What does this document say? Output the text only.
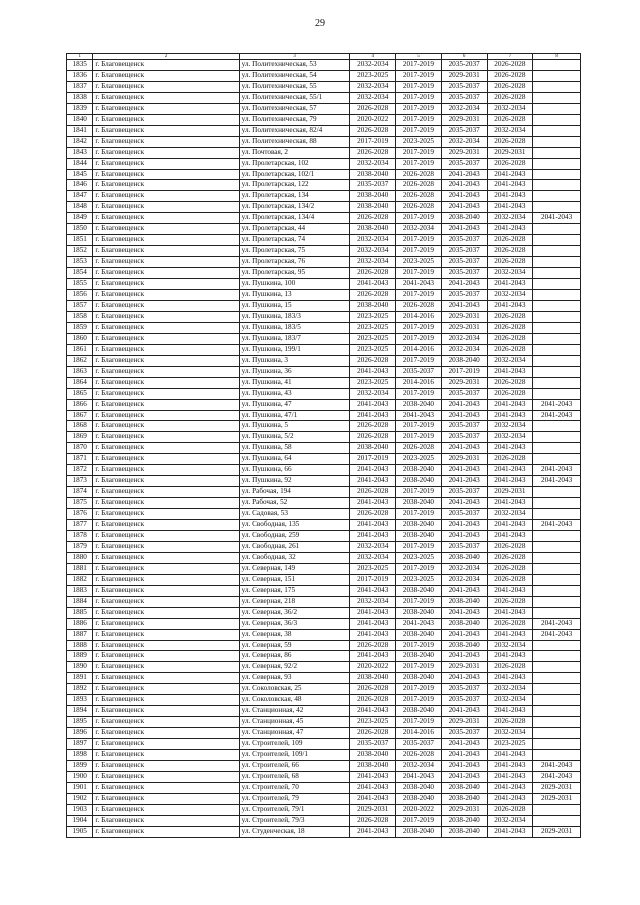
29
1	2	3	4	5	6	7	8
1835	г. Благовещенск	ул. Политехническая, 53	2032-2034	2017-2019	2035-2037	2026-2028	
1836	г. Благовещенск	ул. Политехническая, 54	2023-2025	2017-2019	2029-2031	2026-2028	
1837	г. Благовещенск	ул. Политехническая, 55	2032-2034	2017-2019	2035-2037	2026-2028	
1838	г. Благовещенск	ул. Политехническая, 55/1	2032-2034	2017-2019	2035-2037	2026-2028	
1839	г. Благовещенск	ул. Политехническая, 57	2026-2028	2017-2019	2032-2034	2032-2034	
1840	г. Благовещенск	ул. Политехническая, 79	2020-2022	2017-2019	2029-2031	2026-2028	
1841	г. Благовещенск	ул. Политехническая, 82/4	2026-2028	2017-2019	2035-2037	2032-2034	
1842	г. Благовещенск	ул. Политехническая, 88	2017-2019	2023-2025	2032-2034	2026-2028	
1843	г. Благовещенск	ул. Почтовая, 2	2026-2028	2017-2019	2029-2031	2029-2031	
1844	г. Благовещенск	ул. Пролетарская, 102	2032-2034	2017-2019	2035-2037	2026-2028	
1845	г. Благовещенск	ул. Пролетарская, 102/1	2038-2040	2026-2028	2041-2043	2041-2043	
1846	г. Благовещенск	ул. Пролетарская, 122	2035-2037	2026-2028	2041-2043	2041-2043	
1847	г. Благовещенск	ул. Пролетарская, 134	2038-2040	2026-2028	2041-2043	2041-2043	
1848	г. Благовещенск	ул. Пролетарская, 134/2	2038-2040	2026-2028	2041-2043	2041-2043	
1849	г. Благовещенск	ул. Пролетарская, 134/4	2026-2028	2017-2019	2038-2040	2032-2034	2041-2043
1850	г. Благовещенск	ул. Пролетарская, 44	2038-2040	2032-2034	2041-2043	2041-2043	
1851	г. Благовещенск	ул. Пролетарская, 74	2032-2034	2017-2019	2035-2037	2026-2028	
1852	г. Благовещенск	ул. Пролетарская, 75	2032-2034	2017-2019	2035-2037	2026-2028	
1853	г. Благовещенск	ул. Пролетарская, 76	2032-2034	2023-2025	2035-2037	2026-2028	
1854	г. Благовещенск	ул. Пролетарская, 95	2026-2028	2017-2019	2035-2037	2032-2034	
1855	г. Благовещенск	ул. Пушкина, 100	2041-2043	2041-2043	2041-2043	2041-2043	
1856	г. Благовещенск	ул. Пушкина, 13	2026-2028	2017-2019	2035-2037	2032-2034	
1857	г. Благовещенск	ул. Пушкина, 15	2038-2040	2026-2028	2041-2043	2041-2043	
1858	г. Благовещенск	ул. Пушкина, 183/3	2023-2025	2014-2016	2029-2031	2026-2028	
1859	г. Благовещенск	ул. Пушкина, 183/5	2023-2025	2017-2019	2029-2031	2026-2028	
1860	г. Благовещенск	ул. Пушкина, 183/7	2023-2025	2017-2019	2032-2034	2026-2028	
1861	г. Благовещенск	ул. Пушкина, 199/1	2023-2025	2014-2016	2032-2034	2026-2028	
1862	г. Благовещенск	ул. Пушкина, 3	2026-2028	2017-2019	2038-2040	2032-2034	
1863	г. Благовещенск	ул. Пушкина, 36	2041-2043	2035-2037	2017-2019	2041-2043	
1864	г. Благовещенск	ул. Пушкина, 41	2023-2025	2014-2016	2029-2031	2026-2028	
1865	г. Благовещенск	ул. Пушкина, 43	2032-2034	2017-2019	2035-2037	2026-2028	
1866	г. Благовещенск	ул. Пушкина, 47	2041-2043	2038-2040	2041-2043	2041-2043	2041-2043
1867	г. Благовещенск	ул. Пушкина, 47/1	2041-2043	2041-2043	2041-2043	2041-2043	2041-2043
1868	г. Благовещенск	ул. Пушкина, 5	2026-2028	2017-2019	2035-2037	2032-2034	
1869	г. Благовещенск	ул. Пушкина, 5/2	2026-2028	2017-2019	2035-2037	2032-2034	
1870	г. Благовещенск	ул. Пушкина, 58	2038-2040	2026-2028	2041-2043	2041-2043	
1871	г. Благовещенск	ул. Пушкина, 64	2017-2019	2023-2025	2029-2031	2026-2028	
1872	г. Благовещенск	ул. Пушкина, 66	2041-2043	2038-2040	2041-2043	2041-2043	2041-2043
1873	г. Благовещенск	ул. Пушкина, 92	2041-2043	2038-2040	2041-2043	2041-2043	2041-2043
1874	г. Благовещенск	ул. Рабочая, 194	2026-2028	2017-2019	2035-2037	2029-2031	
1875	г. Благовещенск	ул. Рабочая, 52	2041-2043	2038-2040	2041-2043	2041-2043	
1876	г. Благовещенск	ул. Садовая, 53	2026-2028	2017-2019	2035-2037	2032-2034	
1877	г. Благовещенск	ул. Свободная, 135	2041-2043	2038-2040	2041-2043	2041-2043	2041-2043
1878	г. Благовещенск	ул. Свободная, 259	2041-2043	2038-2040	2041-2043	2041-2043	
1879	г. Благовещенск	ул. Свободная, 261	2032-2034	2017-2019	2035-2037	2026-2028	
1880	г. Благовещенск	ул. Свободная, 32	2032-2034	2023-2025	2038-2040	2026-2028	
1881	г. Благовещенск	ул. Северная, 149	2023-2025	2017-2019	2032-2034	2026-2028	
1882	г. Благовещенск	ул. Северная, 151	2017-2019	2023-2025	2032-2034	2026-2028	
1883	г. Благовещенск	ул. Северная, 175	2041-2043	2038-2040	2041-2043	2041-2043	
1884	г. Благовещенск	ул. Северная, 218	2032-2034	2017-2019	2038-2040	2026-2028	
1885	г. Благовещенск	ул. Северная, 36/2	2041-2043	2038-2040	2041-2043	2041-2043	
1886	г. Благовещенск	ул. Северная, 36/3	2041-2043	2041-2043	2038-2040	2026-2028	2041-2043
1887	г. Благовещенск	ул. Северная, 38	2041-2043	2038-2040	2041-2043	2041-2043	2041-2043
1888	г. Благовещенск	ул. Северная, 59	2026-2028	2017-2019	2038-2040	2032-2034	
1889	г. Благовещенск	ул. Северная, 86	2041-2043	2038-2040	2041-2043	2041-2043	
1890	г. Благовещенск	ул. Северная, 92/2	2020-2022	2017-2019	2029-2031	2026-2028	
1891	г. Благовещенск	ул. Северная, 93	2038-2040	2038-2040	2041-2043	2041-2043	
1892	г. Благовещенск	ул. Соколовская, 25	2026-2028	2017-2019	2035-2037	2032-2034	
1893	г. Благовещенск	ул. Соколовская, 48	2026-2028	2017-2019	2035-2037	2032-2034	
1894	г. Благовещенск	ул. Станционная, 42	2041-2043	2038-2040	2041-2043	2041-2043	
1895	г. Благовещенск	ул. Станционная, 45	2023-2025	2017-2019	2029-2031	2026-2028	
1896	г. Благовещенск	ул. Станционная, 47	2026-2028	2014-2016	2035-2037	2032-2034	
1897	г. Благовещенск	ул. Строителей, 109	2035-2037	2035-2037	2041-2043	2023-2025	
1898	г. Благовещенск	ул. Строителей, 109/1	2038-2040	2026-2028	2041-2043	2041-2043	
1899	г. Благовещенск	ул. Строителей, 66	2038-2040	2032-2034	2041-2043	2041-2043	2041-2043
1900	г. Благовещенск	ул. Строителей, 68	2041-2043	2041-2043	2041-2043	2041-2043	2041-2043
1901	г. Благовещенск	ул. Строителей, 70	2041-2043	2038-2040	2038-2040	2041-2043	2029-2031
1902	г. Благовещенск	ул. Строителей, 79	2041-2043	2038-2040	2038-2040	2041-2043	2029-2031
1903	г. Благовещенск	ул. Строителей, 79/1	2029-2031	2020-2022	2029-2031	2026-2028	
1904	г. Благовещенск	ул. Строителей, 79/3	2026-2028	2017-2019	2038-2040	2032-2034	
1905	г. Благовещенск	ул. Студенческая, 18	2041-2043	2038-2040	2038-2040	2041-2043	2029-2031
